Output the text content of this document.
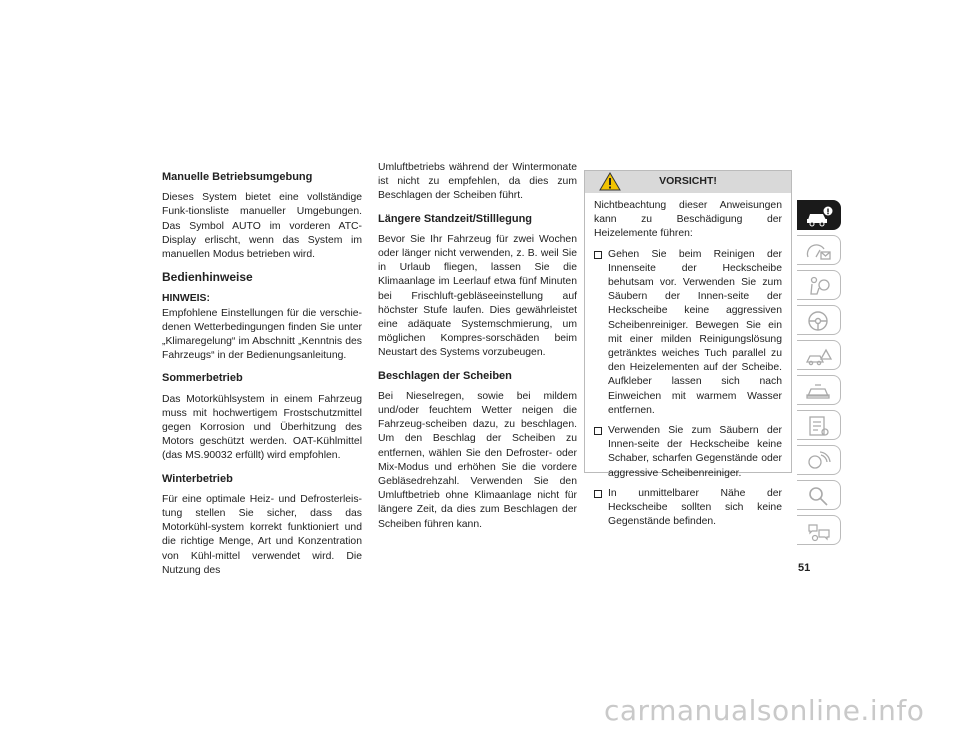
Manuelle Betriebsumgebung

Dieses System bietet eine vollständige Funk-tionsliste manueller Umgebungen. Das Symbol AUTO im vorderen ATC-Display erlischt, wenn das System im manuellen Modus betrieben wird.

Bedienhinweise

HINWEIS:
Empfohlene Einstellungen für die verschie-denen Wetterbedingungen finden Sie unter „Klimaregelung“ im Abschnitt „Kenntnis des Fahrzeugs“ in der Bedienungsanleitung.

Sommerbetrieb

Das Motorkühlsystem in einem Fahrzeug muss mit hochwertigem Frostschutzmittel gegen Korrosion und Überhitzung des Motors geschützt werden. OAT-Kühlmittel (das MS.90032 erfüllt) wird empfohlen.

Winterbetrieb

Für eine optimale Heiz- und Defrosterleis-tung stellen Sie sicher, dass das Motorkühl-system korrekt funktioniert und die richtige Menge, Art und Konzentration von Kühl-mittel verwendet wird. Die Nutzung des

Umluftbetriebs während der Wintermonate ist nicht zu empfehlen, da dies zum Beschlagen der Scheiben führt.

Längere Standzeit/Stilllegung

Bevor Sie Ihr Fahrzeug für zwei Wochen oder länger nicht verwenden, z. B. weil Sie in Urlaub fliegen, lassen Sie die Klimaanlage im Leerlauf etwa fünf Minuten bei Frischluft-gebläseeinstellung auf höchster Stufe laufen. Dies gewährleistet eine adäquate Systemschmierung, um möglichen Kompres-sorschäden beim Neustart des Systems vorzubeugen.

Beschlagen der Scheiben

Bei Nieselregen, sowie bei mildem und/oder feuchtem Wetter neigen die Fahrzeug-scheiben dazu, zu beschlagen. Um den Beschlag der Scheiben zu entfernen, wählen Sie den Defroster- oder Mix-Modus und erhöhen Sie die vordere Gebläsedrehzahl. Verwenden Sie den Umluftbetrieb ohne Klimaanlage nicht für längere Zeit, da dies zum Beschlagen der Scheiben führen kann.

VORSICHT!

Nichtbeachtung dieser Anweisungen kann zu Beschädigung der Heizelemente führen:

Gehen Sie beim Reinigen der Innenseite der Heckscheibe behutsam vor. Verwenden Sie zum Säubern der Innen-seite der Heckscheibe keine aggressiven Scheibenreiniger. Bewegen Sie ein mit einer milden Reinigungslösung getränktes weiches Tuch parallel zu den Heizelementen auf der Scheibe. Aufkleber lassen sich nach Einweichen mit warmem Wasser entfernen.
Verwenden Sie zum Säubern der Innen-seite der Heckscheibe keine Schaber, scharfen Gegenstände oder aggressive Scheibenreiniger.
In unmittelbarer Nähe der Heckscheibe sollten sich keine Gegenstände befinden.
51
carmanualsonline.info
